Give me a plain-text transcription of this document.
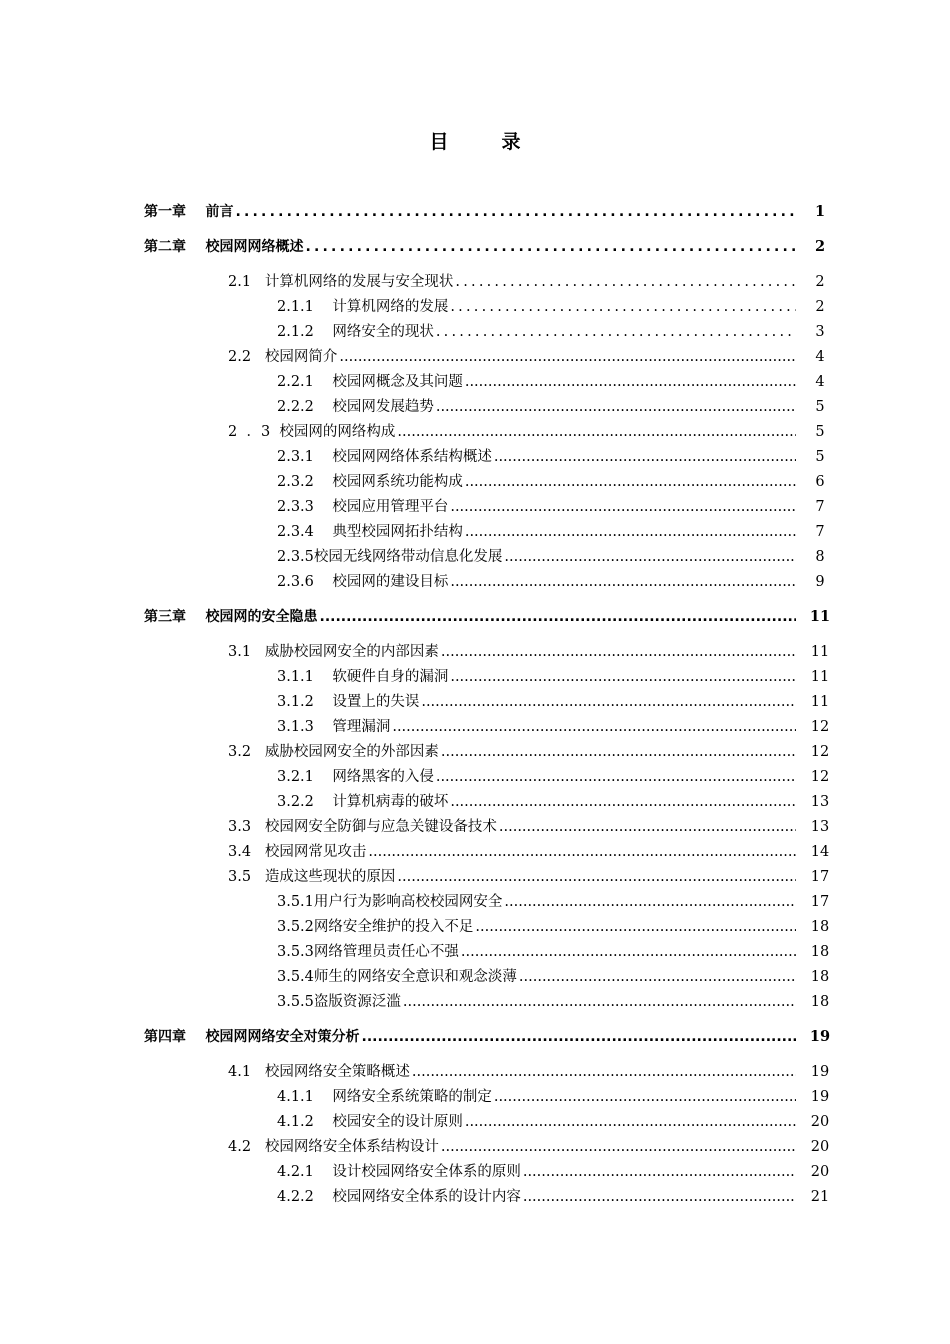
目        录
第一章    前言 .....	1
第二章    校园网网络概述 .....	2
2.1   计算机网络的发展与安全现状 .....	2
2.1.1    计算机网络的发展 .....	2
2.1.2    网络安全的现状 .....	3
2.2   校园网简介 .....	4
2.2.1    校园网概念及其问题 .....	4
2.2.2    校园网发展趋势 .....	5
2  ．3  校园网的网络构成 .....	5
2.3.1    校园网网络体系结构概述 .....	5
2.3.2    校园网系统功能构成 .....	6
2.3.3    校园应用管理平台 .....	7
2.3.4    典型校园网拓扑结构 .....	7
2.3.5校园无线网络带动信息化发展 .....	8
2.3.6    校园网的建设目标 .....	9
第三章    校园网的安全隐患 .....	11
3.1   威胁校园网安全的内部因素 .....	11
3.1.1    软硬件自身的漏洞 .....	11
3.1.2    设置上的失误 .....	11
3.1.3    管理漏洞 .....	12
3.2   威胁校园网安全的外部因素 .....	12
3.2.1    网络黑客的入侵 .....	12
3.2.2    计算机病毒的破坏 .....	13
3.3   校园网安全防御与应急关键设备技术 .....	13
3.4   校园网常见攻击 .....	14
3.5   造成这些现状的原因 .....	17
3.5.1用户行为影响高校校园网安全 .....	17
3.5.2网络安全维护的投入不足 .....	18
3.5.3网络管理员责任心不强 .....	18
3.5.4师生的网络安全意识和观念淡薄 .....	18
3.5.5盗版资源泛滥 .....	18
第四章    校园网网络安全对策分析 .....	19
4.1   校园网络安全策略概述 .....	19
4.1.1    网络安全系统策略的制定 .....	19
4.1.2    校园安全的设计原则 .....	20
4.2   校园网络安全体系结构设计 .....	20
4.2.1    设计校园网络安全体系的原则 .....	20
4.2.2    校园网络安全体系的设计内容 .....	21
